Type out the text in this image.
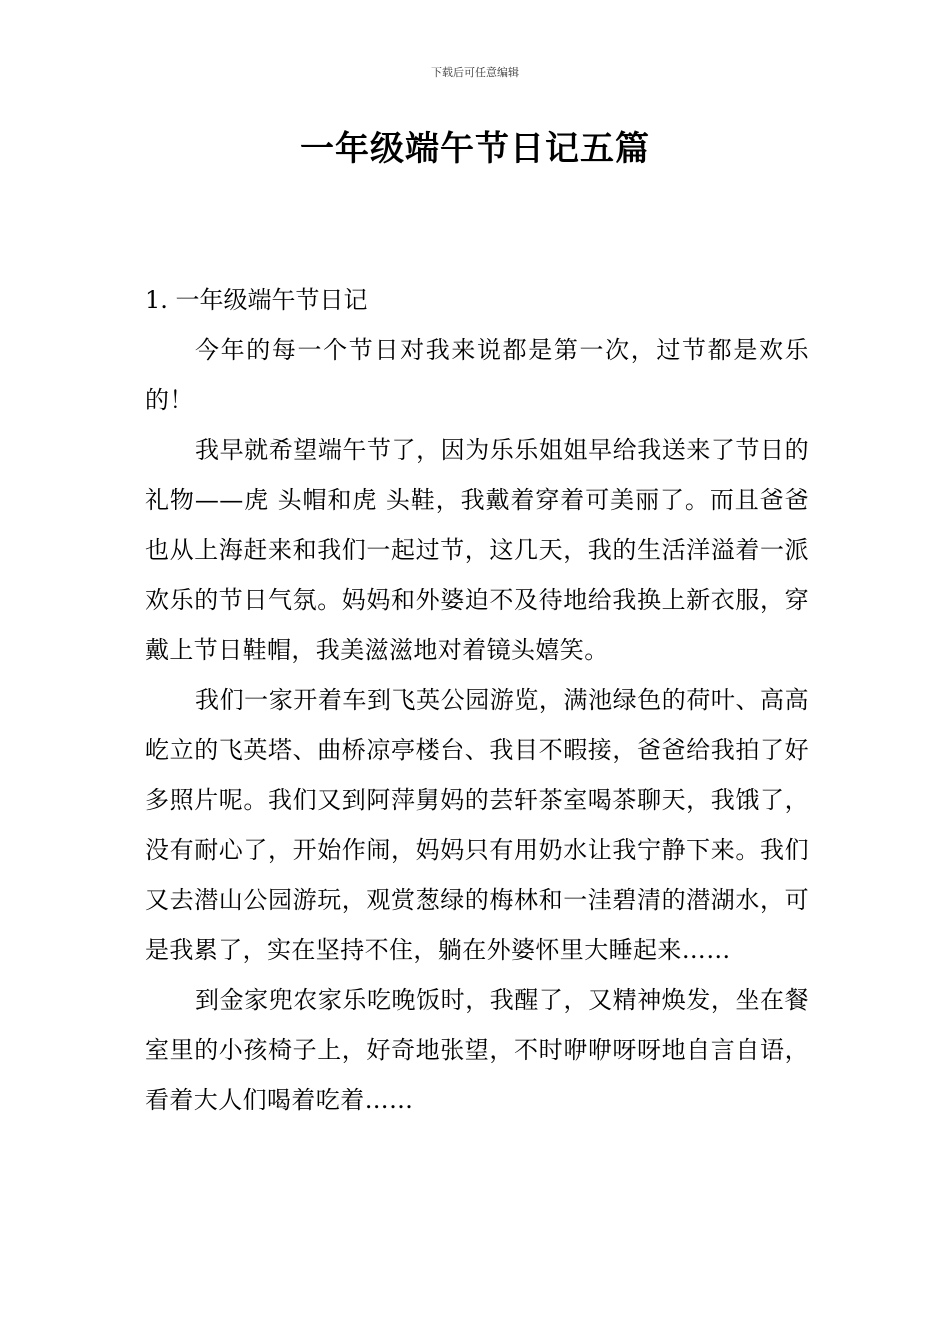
下载后可任意编辑
一年级端午节日记五篇

1. 一年级端午节日记

今年的每一个节日对我来说都是第一次，过节都是欢乐的！

我早就希望端午节了，因为乐乐姐姐早给我送来了节日的礼物——虎 头帽和虎 头鞋，我戴着穿着可美丽了。而且爸爸也从上海赶来和我们一起过节，这几天，我的生活洋溢着一派欢乐的节日气氛。妈妈和外婆迫不及待地给我换上新衣服，穿戴上节日鞋帽，我美滋滋地对着镜头嬉笑。

我们一家开着车到飞英公园游览，满池绿色的荷叶、高高屹立的飞英塔、曲桥凉亭楼台、我目不暇接，爸爸给我拍了好多照片呢。我们又到阿萍舅妈的芸轩茶室喝茶聊天，我饿了，没有耐心了，开始作闹，妈妈只有用奶水让我宁静下来。我们又去潜山公园游玩，观赏葱绿的梅林和一洼碧清的潜湖水，可是我累了，实在坚持不住，躺在外婆怀里大睡起来……

到金家兜农家乐吃晚饭时，我醒了，又精神焕发，坐在餐室里的小孩椅子上，好奇地张望，不时咿咿呀呀地自言自语，看着大人们喝着吃着……
